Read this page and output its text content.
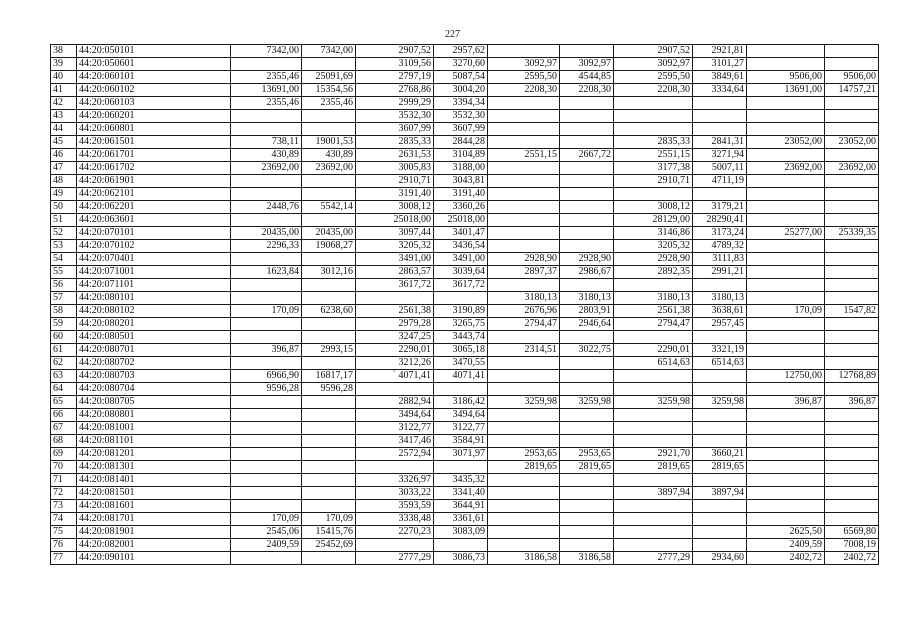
227
38	44:20:050101	7342,00	7342,00	2907,52	2957,62			2907,52	2921,81		
39	44:20:050601			3109,56	3270,60	3092,97	3092,97	3092,97	3101,27		
40	44:20:060101	2355,46	25091,69	2797,19	5087,54	2595,50	4544,85	2595,50	3849,61	9506,00	9506,00
41	44:20:060102	13691,00	15354,56	2768,86	3004,20	2208,30	2208,30	2208,30	3334,64	13691,00	14757,21
42	44:20:060103	2355,46	2355,46	2999,29	3394,34						
43	44:20:060201			3532,30	3532,30						
44	44:20:060801			3607,99	3607,99						
45	44:20:061501	738,11	19001,53	2835,33	2844,28			2835,33	2841,31	23052,00	23052,00
46	44:20:061701	430,89	430,89	2631,53	3104,89	2551,15	2667,72	2551,15	3271,94		
47	44:20:061702	23692,00	23692,00	3005,83	3188,00			3177,38	5007,11	23692,00	23692,00
48	44:20:061901			2910,71	3043,81			2910,71	4711,19		
49	44:20:062101			3191,40	3191,40						
50	44:20:062201	2448,76	5542,14	3008,12	3360,26			3008,12	3179,21		
51	44:20:063601			25018,00	25018,00			28129,00	28290,41		
52	44:20:070101	20435,00	20435,00	3097,44	3401,47			3146,86	3173,24	25277,00	25339,35
53	44:20:070102	2296,33	19068,27	3205,32	3436,54			3205,32	4789,32		
54	44:20:070401			3491,00	3491,00	2928,90	2928,90	2928,90	3111,83		
55	44:20:071001	1623,84	3012,16	2863,57	3039,64	2897,37	2986,67	2892,35	2991,21		
56	44:20:071101			3617,72	3617,72						
57	44:20:080101					3180,13	3180,13	3180,13	3180,13		
58	44:20:080102	170,09	6238,60	2561,38	3190,89	2676,96	2803,91	2561,38	3638,61	170,09	1547,82
59	44:20:080201			2979,28	3265,75	2794,47	2946,64	2794,47	2957,45		
60	44:20:080501			3247,25	3443,74						
61	44:20:080701	396,87	2993,15	2290,01	3065,18	2314,51	3022,75	2290,01	3321,19		
62	44:20:080702			3212,26	3470,55			6514,63	6514,63		
63	44:20:080703	6966,90	16817,17	` 4071,41	4071,41					12750,00	12768,89
64	44:20:080704	9596,28	9596,28								
65	44:20:080705			2882,94	3186,42	3259,98	3259,98	3259,98	3259,98	396,87	396,87
66	44:20:080801			3494,64	3494,64						
67	44:20:081001			3122,77	3122,77						
68	44:20:081101			3417,46	3584,91						
69	44:20:081201			2572,94	3071,97	2953,65	2953,65	2921,70	3660,21		
70	44:20:081301					2819,65	2819,65	2819,65	2819,65		
71	44:20:081401			3326,97	3435,32						
72	44:20:081501			3033,22	3341,40			3897,94	3897,94		
73	44:20:081601			3593,59	3644,91						
74	44:20:081701	170,09	170,09	3338,48	3361,61						
75	44:20:081901	2545,06	15415,76	2270,23	3083,09					2625,50	6569,80
76	44:20:082001	2409,59	25452,69							2409,59	7008,19
77	44:20:090101			2777,29	3086,73	3186,58	3186,58	2777,29	2934,60	2402,72	2402,72
